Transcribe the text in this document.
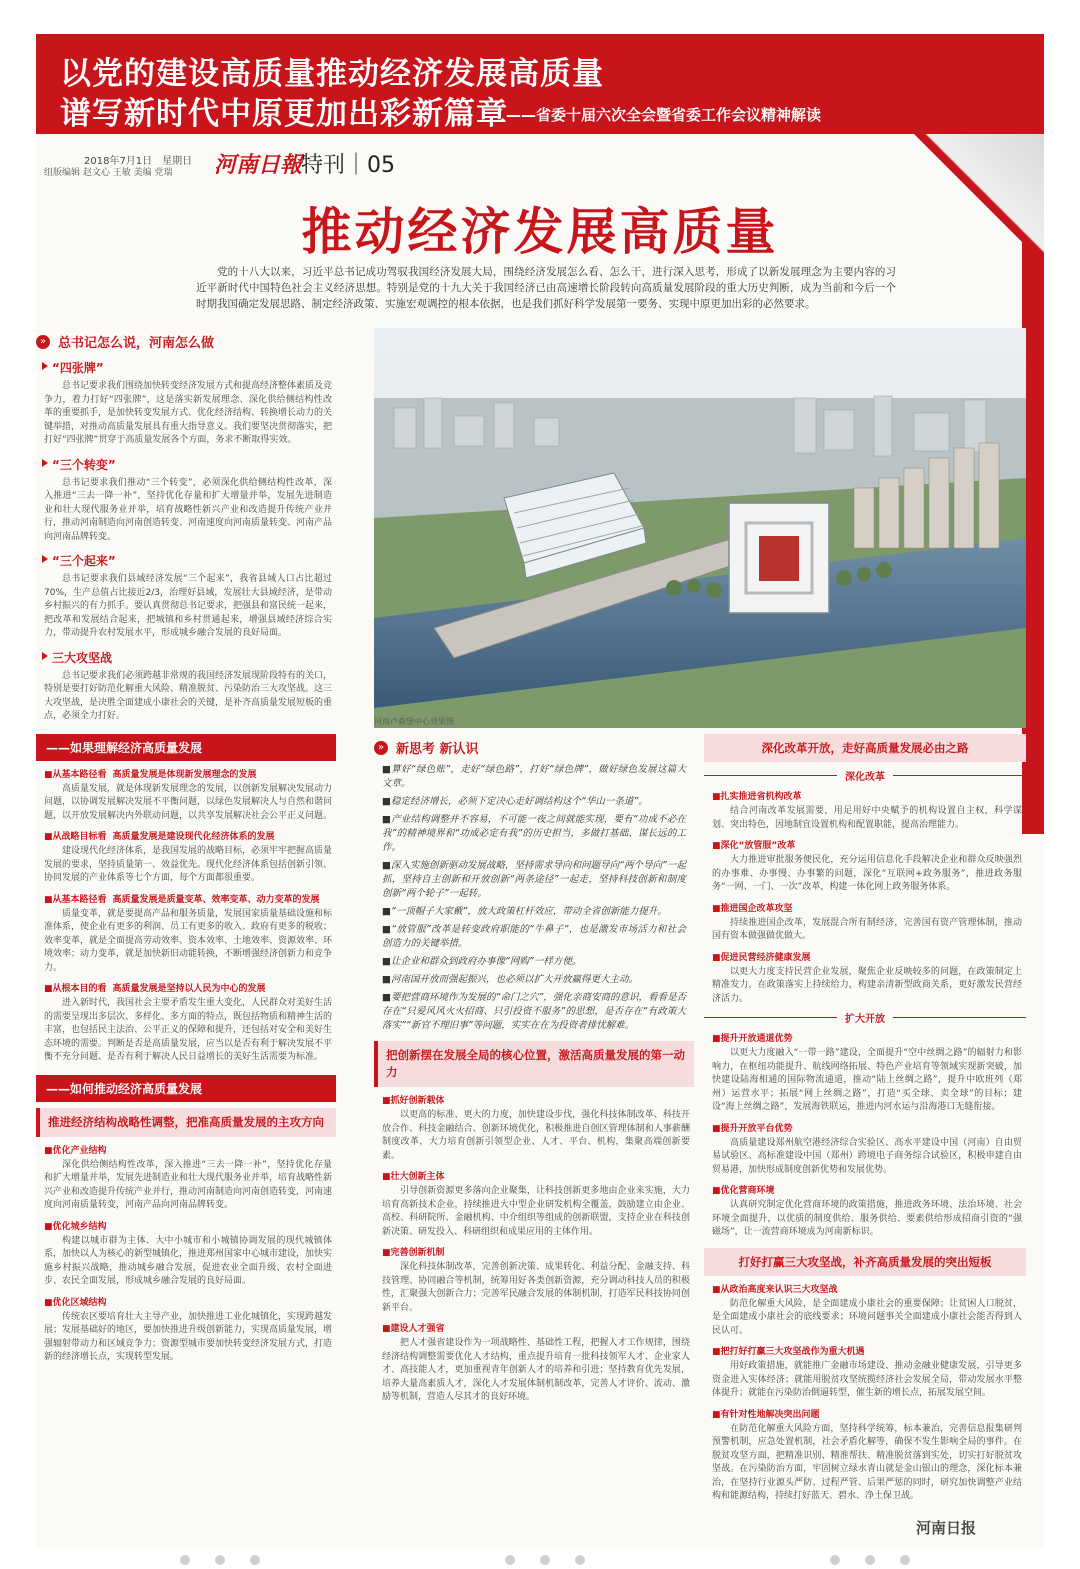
以党的建设高质量推动经济发展高质量
谱写新时代中原更加出彩新篇章
——省委十届六次全会暨省委工作会议精神解读
2018年7月1日　星期日
组版编辑 赵文心 王敏 美编 党瑞 河南日報
特刊｜05
推动经济发展高质量
党的十八大以来，习近平总书记成功驾驭我国经济发展大局，围绕经济发展怎么看、怎么干，进行深入思考，形成了以新发展理念为主要内容的习近平新时代中国特色社会主义经济思想。特别是党的十九大关于我国经济已由高速增长阶段转向高质量发展阶段的重大历史判断，成为当前和今后一个时期我国确定发展思路、制定经济政策、实施宏观调控的根本依据，也是我们抓好科学发展第一要务、实现中原更加出彩的必然要求。
» 总书记怎么说，河南怎么做
“四张牌”
总书记要求我们围绕加快转变经济发展方式和提高经济整体素质及竞争力，着力打好“四张牌”，这是落实新发展理念、深化供给侧结构性改革的重要抓手，是加快转变发展方式、优化经济结构、转换增长动力的关键举措，对推动高质量发展具有重大指导意义。我们要坚决贯彻落实，把打好“四张牌”贯穿于高质量发展各个方面，务求不断取得实效。
“三个转变”
总书记要求我们推动“三个转变”，必须深化供给侧结构性改革，深入推进“三去一降一补”，坚持优化存量和扩大增量并举，发展先进制造业和壮大现代服务业并举，培育战略性新兴产业和改造提升传统产业并行，推动河南制造向河南创造转变、河南速度向河南质量转变、河南产品向河南品牌转变。
“三个起来”
总书记要求我们县域经济发展“三个起来”，我省县域人口占比超过70%，生产总值占比接近2/3，治理好县域，发展壮大县域经济，是带动乡村振兴的有力抓手。要认真贯彻总书记要求，把强县和富民统一起来，把改革和发展结合起来，把城镇和乡村贯通起来，增强县域经济综合实力，带动提升农村发展水平，形成城乡融合发展的良好局面。
三大攻坚战
总书记要求我们必须跨越非常规的我国经济发展现阶段特有的关口，特别是要打好防范化解重大风险、精准脱贫、污染防治三大攻坚战。这三大攻坚战，是决胜全面建成小康社会的关键，是补齐高质量发展短板的重点，必须全力打好。
——如果理解经济高质量发展
■从基本路径看 高质量发展是体现新发展理念的发展
高质量发展，就是体现新发展理念的发展，以创新发展解决发展动力问题，以协调发展解决发展不平衡问题，以绿色发展解决人与自然和谐问题，以开放发展解决内外联动问题，以共享发展解决社会公平正义问题。
■从战略目标看 高质量发展是建设现代化经济体系的发展
建设现代化经济体系，是我国发展的战略目标，必须牢牢把握高质量发展的要求，坚持质量第一、效益优先。现代化经济体系包括创新引领、协同发展的产业体系等七个方面，每个方面都很重要。
■从基本路径看 高质量发展是质量变革、效率变革、动力变革的发展
质量变革，就是要提高产品和服务质量，发展国家质量基础设施和标准体系，使企业有更多的利润、员工有更多的收入、政府有更多的税收；效率变革，就是全面提高劳动效率、资本效率、土地效率、资源效率、环境效率；动力变革，就是加快新旧动能转换，不断增强经济创新力和竞争力。
■从根本目的看 高质量发展是坚持以人民为中心的发展
进入新时代，我国社会主要矛盾发生重大变化，人民群众对美好生活的需要呈现出多层次、多样化、多方面的特点，既包括物质和精神生活的丰富，也包括民主法治、公平正义的保障和提升，还包括对安全和美好生态环境的需要。判断是否是高质量发展，应当以是否有利于解决发展不平衡不充分问题、是否有利于解决人民日益增长的美好生活需要为标准。
——如何推动经济高质量发展
推进经济结构战略性调整，把准高质量发展的主攻方向
■优化产业结构
深化供给侧结构性改革，深入推进“三去一降一补”，坚持优化存量和扩大增量并举，发展先进制造业和壮大现代服务业并举，培育战略性新兴产业和改造提升传统产业并行，推动河南制造向河南创造转变，河南速度向河南质量转变，河南产品向河南品牌转变。
■优化城乡结构
构建以城市群为主体、大中小城市和小城镇协调发展的现代城镇体系，加快以人为核心的新型城镇化，推进郑州国家中心城市建设，加快实施乡村振兴战略，推动城乡融合发展，促进农业全面升级、农村全面进步、农民全面发展，形成城乡融合发展的良好局面。
■优化区域结构
传统农区要培育壮大主导产业，加快推进工业化城镇化，实现跨越发展；发展基础好的地区，要加快推进升级创新能力，实现高质量发展，增强辐射带动力和区域竞争力；资源型城市要加快转变经济发展方式，打造新的经济增长点，实现转型发展。
河南卢森堡中心效果图
» 新思考 新认识
■算好“绿色账”，走好“绿色路”，打好“绿色牌”，做好绿色发展这篇大文章。
■稳定经济增长，必须下定决心走好调结构这个“华山一条道”。
■产业结构调整并不容易，不可能一夜之间就能实现，要有“功成不必在我”的精神境界和“功成必定有我”的历史担当，多做打基础、谋长远的工作。
■深入实施创新驱动发展战略，坚持需求导向和问题导向“两个导向”一起抓，坚持自主创新和开放创新“两条途径”一起走，坚持科技创新和制度创新“两个轮子”一起转。
■“一顶帽子大家戴”，放大政策杠杆效应，带动全省创新能力提升。
■“放管服”改革是转变政府职能的“牛鼻子”，也是激发市场活力和社会创造力的关键举措。
■让企业和群众到政府办事像“网购”一样方便。
■河南国开放而强起振兴，也必须以扩大开放赢得更大主动。
■要把营商环境作为发展的“命门之穴”，强化亲商安商的意识，看看是否存在“只爱风风火火招商、只引投资不服务”的思想，是否存在“有政策大落实”“新官不理旧事”等问题，实实在在为投资者排忧解难。
把创新摆在发展全局的核心位置，激活高质量发展的第一动力
■抓好创新载体
以更高的标准、更大的力度，加快建设步伐，强化科技体制改革、科技开放合作、科技金融结合、创新环境优化，积极推进自创区管理体制和人事薪酬制度改革，大力培育创新引领型企业、人才、平台、机构，集聚高端创新要素。
■壮大创新主体
引导创新资源更多落向企业聚集，让科技创新更多地由企业来实施，大力培育高新技术企业，持续推进大中型企业研发机构全覆盖，鼓励建立由企业、高校、科研院所、金融机构、中介组织等组成的创新联盟，支持企业在科技创新决策、研发投入、科研组织和成果应用的主体作用。
■完善创新机制
深化科技体制改革，完善创新决策、成果转化、利益分配、金融支持、科技管理、协同融合等机制，统筹用好各类创新资源，充分调动科技人员的积极性，汇聚强大创新合力；完善军民融合发展的体制机制，打造军民科技协同创新平台。
■建设人才强省
把人才强省建设作为一项战略性、基础性工程，把握人才工作规律，围绕经济结构调整需要优化人才结构，重点提升培育一批科技领军人才、企业家人才、高技能人才，更加重视青年创新人才的培养和引进；坚持教育优先发展，培养大量高素质人才，深化人才发展体制机制改革，完善人才评价、流动、激励等机制，营造人尽其才的良好环境。
深化改革开放，走好高质量发展必由之路
深化改革
■扎实推进省机构改革
结合河南改革发展需要，用足用好中央赋予的机构设置自主权，科学谋划、突出特色，因地制宜设置机构和配置职能，提高治理能力。
■深化“放管服”改革
大力推进审批服务便民化，充分运用信息化手段解决企业和群众反映强烈的办事难、办事慢、办事繁的问题，深化“互联网+政务服务”，推进政务服务“一网、一门、一次”改革，构建一体化网上政务服务体系。
■推进国企改革攻坚
持续推进国企改革，发展混合所有制经济，完善国有资产管理体制，推动国有资本做强做优做大。
■促进民营经济健康发展
以更大力度支持民营企业发展，聚焦企业反映较多的问题，在政策制定上精准发力，在政策落实上持续给力，构建亲清新型政商关系，更好激发民营经济活力。
扩大开放
■提升开放通道优势
以更大力度融入“一带一路”建设，全面提升“空中丝绸之路”的辐射力和影响力，在枢纽功能提升、航线网络拓展、特色产业培育等领域实现新突破，加快建设陆海相通的国际物流通道，推动“陆上丝绸之路”，提升中欧班列（郑州）运营水平；拓展“网上丝绸之路”，打造“买全球、卖全球”的目标；建设“海上丝绸之路”，发展海铁联运，推进内河水运与沿海港口无缝衔接。
■提升开放平台优势
高质量建设郑州航空港经济综合实验区、高水平建设中国（河南）自由贸易试验区、高标准建设中国（郑州）跨境电子商务综合试验区，积极申建自由贸易港，加快形成制度创新优势和发展优势。
■优化营商环境
认真研究制定优化营商环境的政策措施，推进政务环境、法治环境、社会环境全面提升，以优质的制度供给、服务供给、要素供给形成招商引资的“强磁场”，让一流营商环境成为河南新标识。
打好打赢三大攻坚战，补齐高质量发展的突出短板
■从政治高度来认识三大攻坚战
防范化解重大风险，是全面建成小康社会的重要保障；让贫困人口脱贫，是全面建成小康社会的底线要求；环境问题事关全面建成小康社会能否得到人民认可。
■把打好打赢三大攻坚战作为重大机遇
用好政策措施，就能推广金融市场建设、推动金融业健康发展，引导更多资金进入实体经济；就能用脱贫攻坚统揽经济社会发展全局，带动发展水平整体提升；就能在污染防治倒逼转型，催生新的增长点，拓展发展空间。
■有针对性地解决突出问题
在防范化解重大风险方面，坚持科学统筹，标本兼治，完善信息报集研判预警机制，应急处置机制，社会矛盾化解等，确保不发生影响全局的事件。在脱贫攻坚方面，把精准识别、精准帮扶、精准脱贫落到实处，切实打好脱贫攻坚战。在污染防治方面，牢固树立绿水青山就是金山银山的理念，深化标本兼治，在坚持行业源头严防、过程严管、后果严惩的同时，研究加快调整产业结构和能源结构，持续打好蓝天、碧水、净土保卫战。
河南日报
